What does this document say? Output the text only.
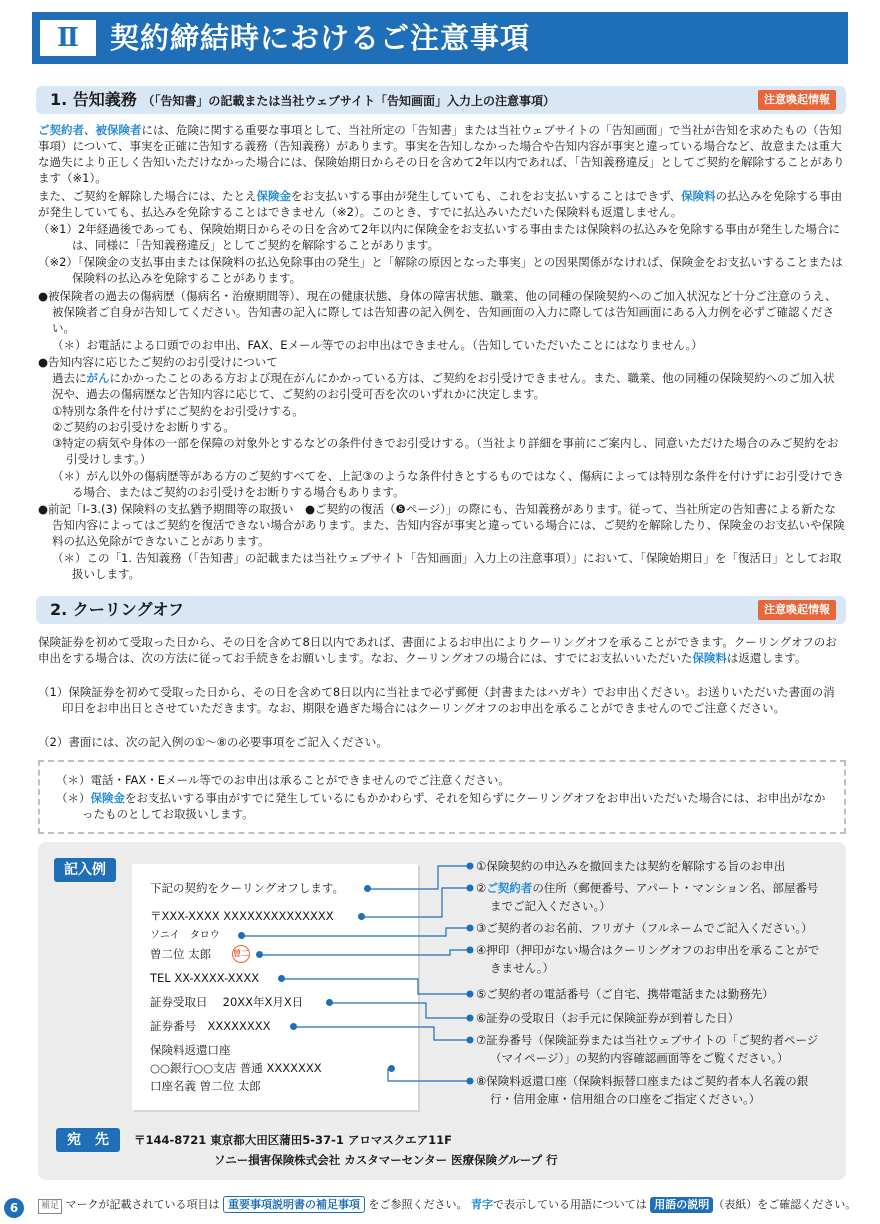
Ⅱ	契約締結時におけるご注意事項
1. 告知義務 （「告知書」の記載または当社ウェブサイト「告知画面」入力上の注意事項）	注意喚起情報
ご契約者、被保険者には、危険に関する重要な事項として、当社所定の「告知書」または当社ウェブサイトの「告知画面」で当社が告知を求めたもの（告知事項）について、事実を正確に告知する義務（告知義務）があります。事実を告知しなかった場合や告知内容が事実と違っている場合など、故意または重大な過失により正しく告知いただけなかった場合には、保険始期日からその日を含めて2年以内であれば、「告知義務違反」としてご契約を解除することがあります（※1）。
また、ご契約を解除した場合には、たとえ保険金をお支払いする事由が発生していても、これをお支払いすることはできず、保険料の払込みを免除する事由が発生していても、払込みを免除することはできません（※2）。このとき、すでに払込みいただいた保険料も返還しません。
（※1）2年経過後であっても、保険始期日からその日を含めて2年以内に保険金をお支払いする事由または保険料の払込みを免除する事由が発生した場合には、同様に「告知義務違反」としてご契約を解除することがあります。
（※2）「保険金の支払事由または保険料の払込免除事由の発生」と「解除の原因となった事実」との因果関係がなければ、保険金をお支払いすることまたは保険料の払込みを免除することがあります。
●被保険者の過去の傷病歴（傷病名・治療期間等）、現在の健康状態、身体の障害状態、職業、他の同種の保険契約へのご加入状況など十分ご注意のうえ、被保険者ご自身が告知してください。告知書の記入に際しては告知書の記入例を、告知画面の入力に際しては告知画面にある入力例を必ずご確認ください。
（＊）お電話による口頭でのお申出、FAX、Eメール等でのお申出はできません。（告知していただいたことにはなりません。）
●告知内容に応じたご契約のお引受けについて
過去にがんにかかったことのある方および現在がんにかかっている方は、ご契約をお引受けできません。また、職業、他の同種の保険契約へのご加入状況や、過去の傷病歴など告知内容に応じて、ご契約のお引受可否を次のいずれかに決定します。
①特別な条件を付けずにご契約をお引受けする。
②ご契約のお引受けをお断りする。
③特定の病気や身体の一部を保障の対象外とするなどの条件付きでお引受けする。（当社より詳細を事前にご案内し、同意いただけた場合のみご契約をお引受けします。）
（＊）がん以外の傷病歴等がある方のご契約すべてを、上記③のような条件付きとするものではなく、傷病によっては特別な条件を付けずにお引受けできる場合、またはご契約のお引受けをお断りする場合もあります。
●前記「Ⅰ-3.(3) 保険料の支払猶予期間等の取扱い　●ご契約の復活（❺ページ）」の際にも、告知義務があります。従って、当社所定の告知書による新たな告知内容によってはご契約を復活できない場合があります。また、告知内容が事実と違っている場合には、ご契約を解除したり、保険金のお支払いや保険料の払込免除ができないことがあります。
（＊）この「1. 告知義務（「告知書」の記載または当社ウェブサイト「告知画面」入力上の注意事項）」において、「保険始期日」を「復活日」としてお取扱いします。
2. クーリングオフ	注意喚起情報
保険証券を初めて受取った日から、その日を含めて8日以内であれば、書面によるお申出によりクーリングオフを承ることができます。クーリングオフのお申出をする場合は、次の方法に従ってお手続きをお願いします。なお、クーリングオフの場合には、すでにお支払いいただいた保険料は返還します。
（1）保険証券を初めて受取った日から、その日を含めて8日以内に当社まで必ず郵便（封書またはハガキ）でお申出ください。お送りいただいた書面の消印日をお申出日とさせていただきます。なお、期限を過ぎた場合にはクーリングオフのお申出を承ることができませんのでご注意ください。
（2）書面には、次の記入例の①～⑧の必要事項をご記入ください。
（＊）電話・FAX・Eメール等でのお申出は承ることができませんのでご注意ください。
（＊）保険金をお支払いする事由がすでに発生しているにもかかわらず、それを知らずにクーリングオフをお申出いただいた場合には、お申出がなかったものとしてお取扱いします。
記入例
下記の契約をクーリングオフします。
〒XXX-XXXX XXXXXXXXXXXXXX
ソニイ　タロウ
曽二位 太郎	曽二
TEL XX-XXXX-XXXX
証券受取日　 20XX年X月X日
証券番号　XXXXXXXX
保険料返還口座
○○銀行○○支店 普通 XXXXXXX
口座名義 曽二位 太郎
①保険契約の申込みを撤回または契約を解除する旨のお申出
②ご契約者の住所（郵便番号、アパート・マンション名、部屋番号までご記入ください。）
③ご契約者のお名前、フリガナ（フルネームでご記入ください。）
④押印（押印がない場合はクーリングオフのお申出を承ることができません。）
⑤ご契約者の電話番号（ご自宅、携帯電話または勤務先）
⑥証券の受取日（お手元に保険証券が到着した日）
⑦証券番号（保険証券または当社ウェブサイトの「ご契約者ページ（マイページ）」の契約内容確認画面等をご覧ください。）
⑧保険料返還口座（保険料振替口座またはご契約者本人名義の銀行・信用金庫・信用組合の口座をご指定ください。）
宛　先	〒144-8721 東京都大田区蒲田5-37-1 アロマスクエア11F
ソニー損害保険株式会社 カスタマーセンター 医療保険グループ 行
6	補足 マークが記載されている項目は 重要事項説明書の補足事項 をご参照ください。 青字で表示している用語については 用語の説明 （表紙）をご確認ください。
